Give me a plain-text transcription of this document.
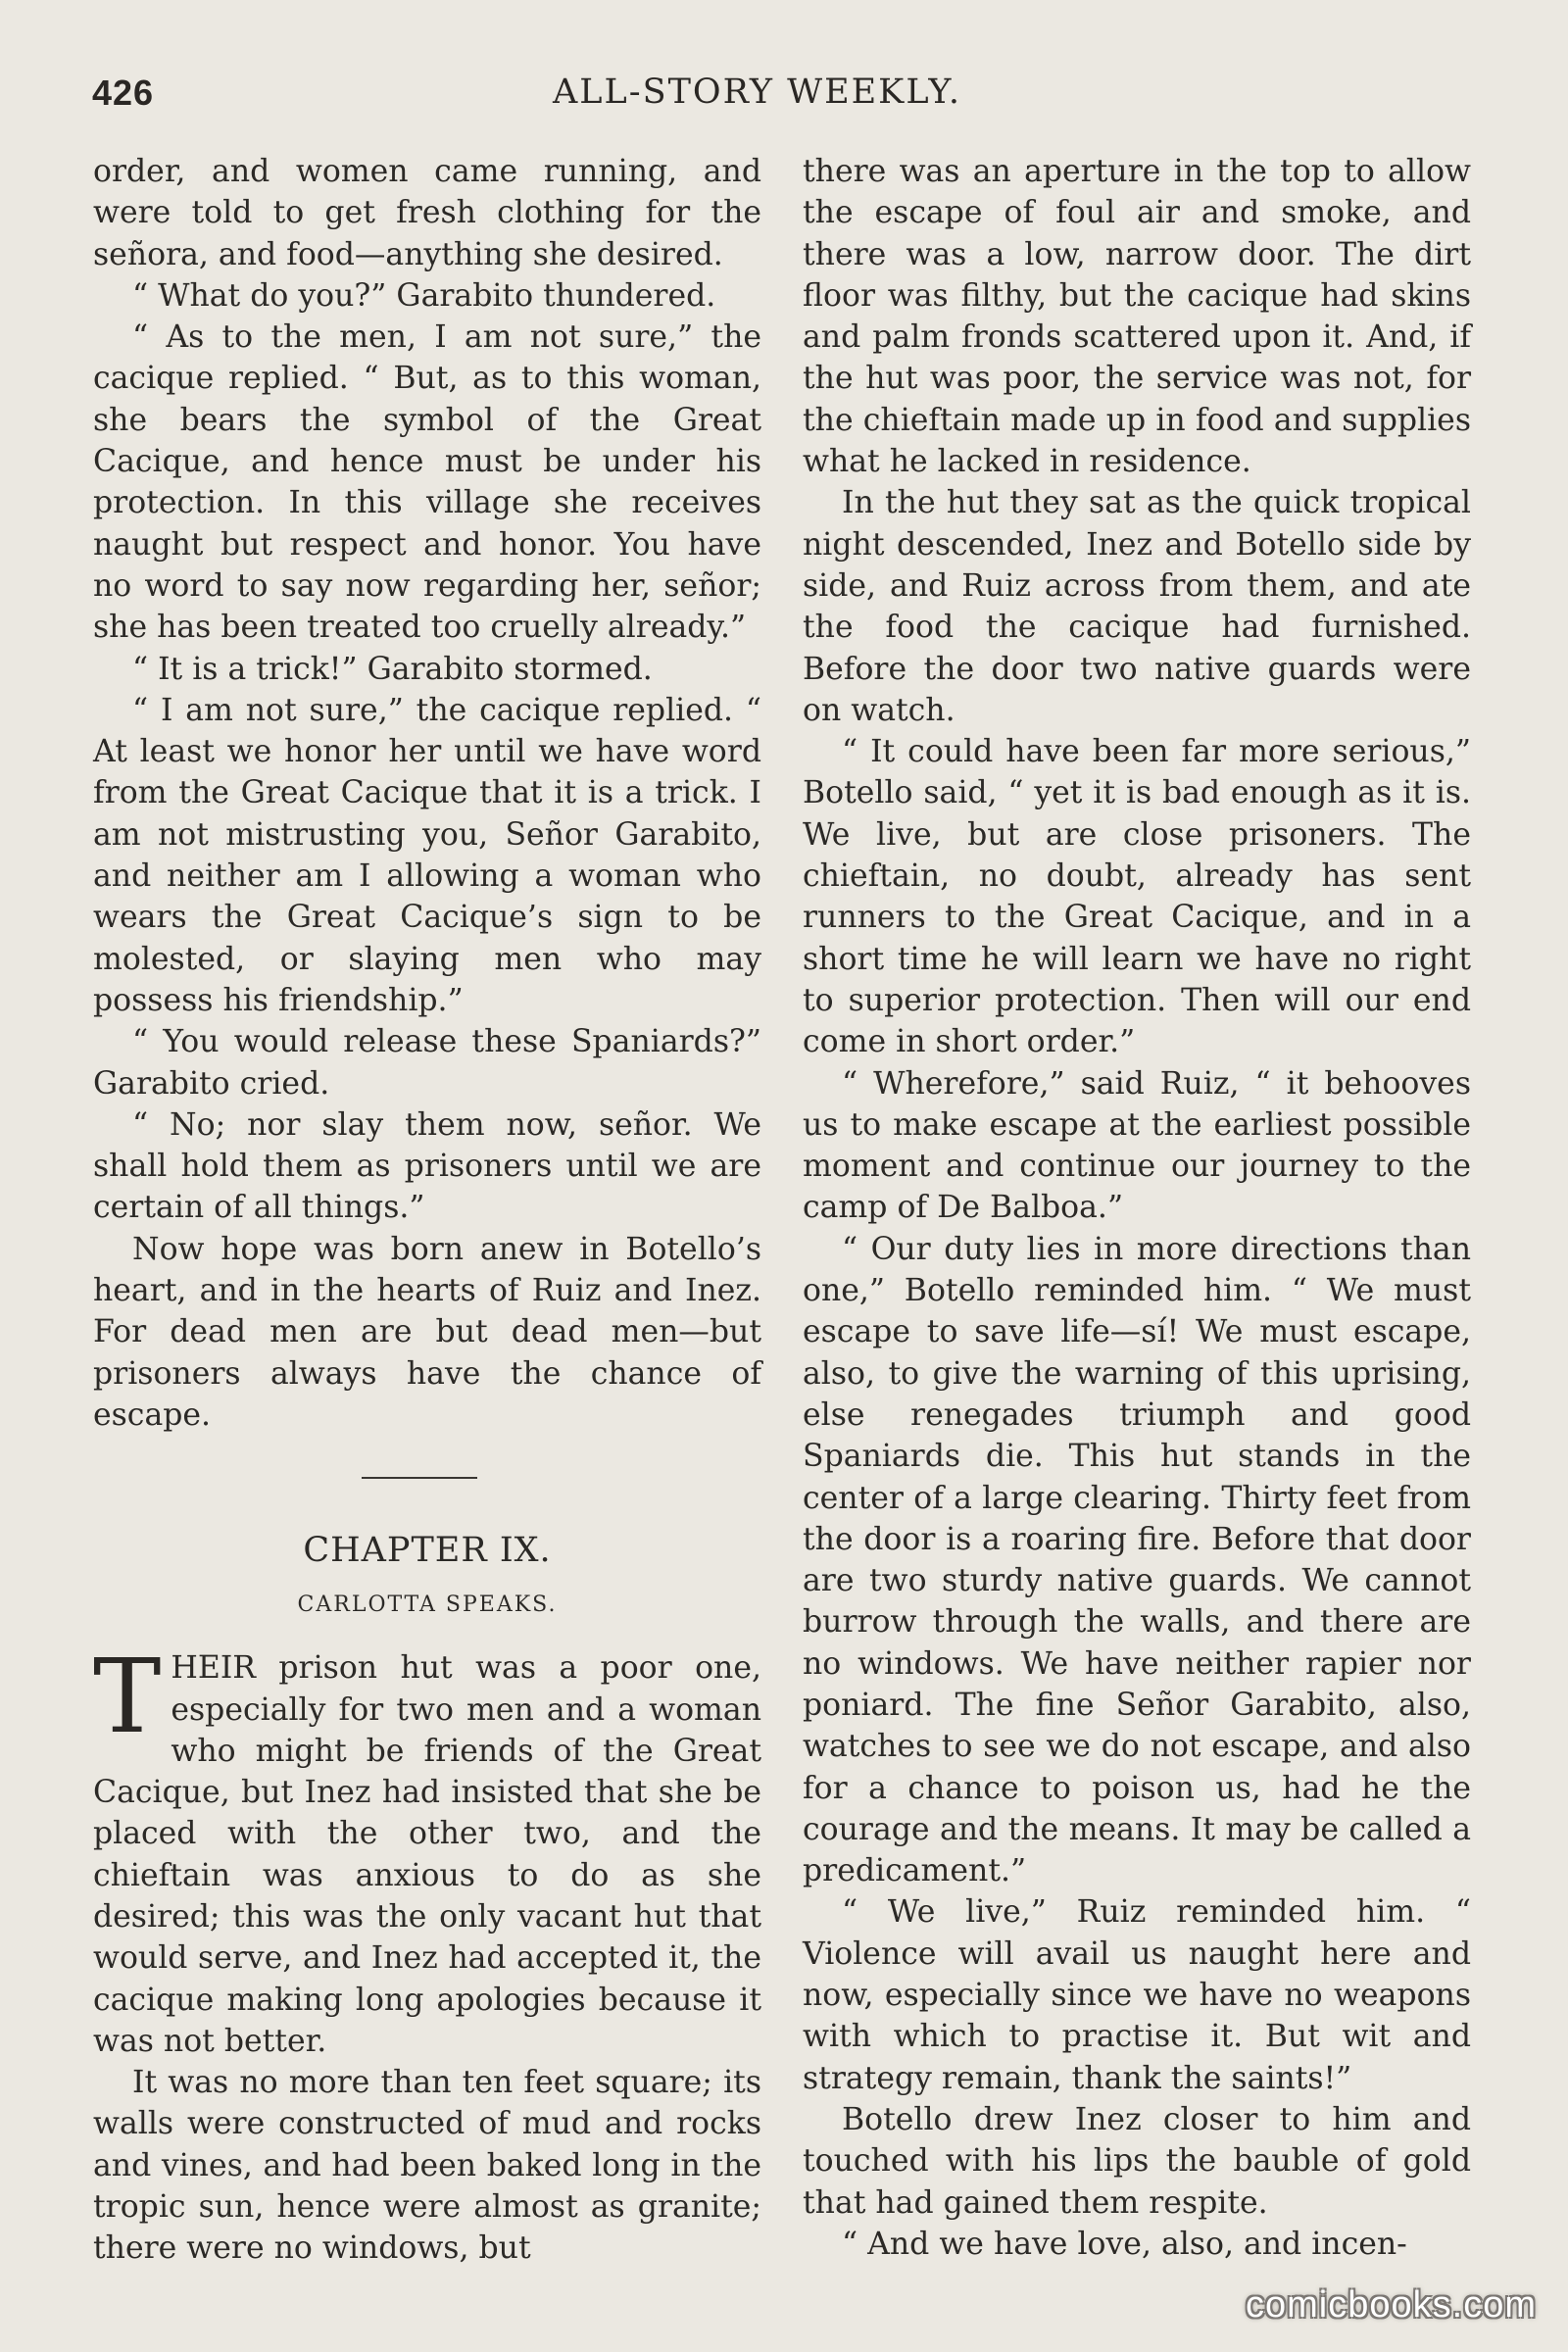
426	ALL-STORY WEEKLY.

order, and women came running, and were told to get fresh clothing for the señora, and food—anything she desired.

“ What do you?” Garabito thundered.

“ As to the men, I am not sure,” the cacique replied. “ But, as to this woman, she bears the symbol of the Great Cacique, and hence must be under his protection. In this village she receives naught but respect and honor. You have no word to say now regarding her, señor; she has been treated too cruelly already.”

“ It is a trick!” Garabito stormed.

“ I am not sure,” the cacique replied. “ At least we honor her until we have word from the Great Cacique that it is a trick. I am not mistrusting you, Señor Garabito, and neither am I allowing a woman who wears the Great Cacique’s sign to be molested, or slaying men who may possess his friendship.”

“ You would release these Spaniards?” Garabito cried.

“ No; nor slay them now, señor. We shall hold them as prisoners until we are certain of all things.”

Now hope was born anew in Botello’s heart, and in the hearts of Ruiz and Inez. For dead men are but dead men—but prisoners always have the chance of escape.

CHAPTER IX.
CARLOTTA SPEAKS.

THEIR prison hut was a poor one, especially for two men and a woman who might be friends of the Great Cacique, but Inez had insisted that she be placed with the other two, and the chieftain was anxious to do as she desired; this was the only vacant hut that would serve, and Inez had accepted it, the cacique making long apologies because it was not better.

It was no more than ten feet square; its walls were constructed of mud and rocks and vines, and had been baked long in the tropic sun, hence were almost as granite; there were no windows, but

there was an aperture in the top to allow the escape of foul air and smoke, and there was a low, narrow door. The dirt floor was filthy, but the cacique had skins and palm fronds scattered upon it. And, if the hut was poor, the service was not, for the chieftain made up in food and supplies what he lacked in residence.

In the hut they sat as the quick tropical night descended, Inez and Botello side by side, and Ruiz across from them, and ate the food the cacique had furnished. Before the door two native guards were on watch.

“ It could have been far more serious,” Botello said, “ yet it is bad enough as it is. We live, but are close prisoners. The chieftain, no doubt, already has sent runners to the Great Cacique, and in a short time he will learn we have no right to superior protection. Then will our end come in short order.”

“ Wherefore,” said Ruiz, “ it behooves us to make escape at the earliest possible moment and continue our journey to the camp of De Balboa.”

“ Our duty lies in more directions than one,” Botello reminded him. “ We must escape to save life—sí! We must escape, also, to give the warning of this uprising, else renegades triumph and good Spaniards die. This hut stands in the center of a large clearing. Thirty feet from the door is a roaring fire. Before that door are two sturdy native guards. We cannot burrow through the walls, and there are no windows. We have neither rapier nor poniard. The fine Señor Garabito, also, watches to see we do not escape, and also for a chance to poison us, had he the courage and the means. It may be called a predicament.”

“ We live,” Ruiz reminded him. “ Violence will avail us naught here and now, especially since we have no weapons with which to practise it. But wit and strategy remain, thank the saints!”

Botello drew Inez closer to him and touched with his lips the bauble of gold that had gained them respite.

“ And we have love, also, and incen-

comicbooks.com
